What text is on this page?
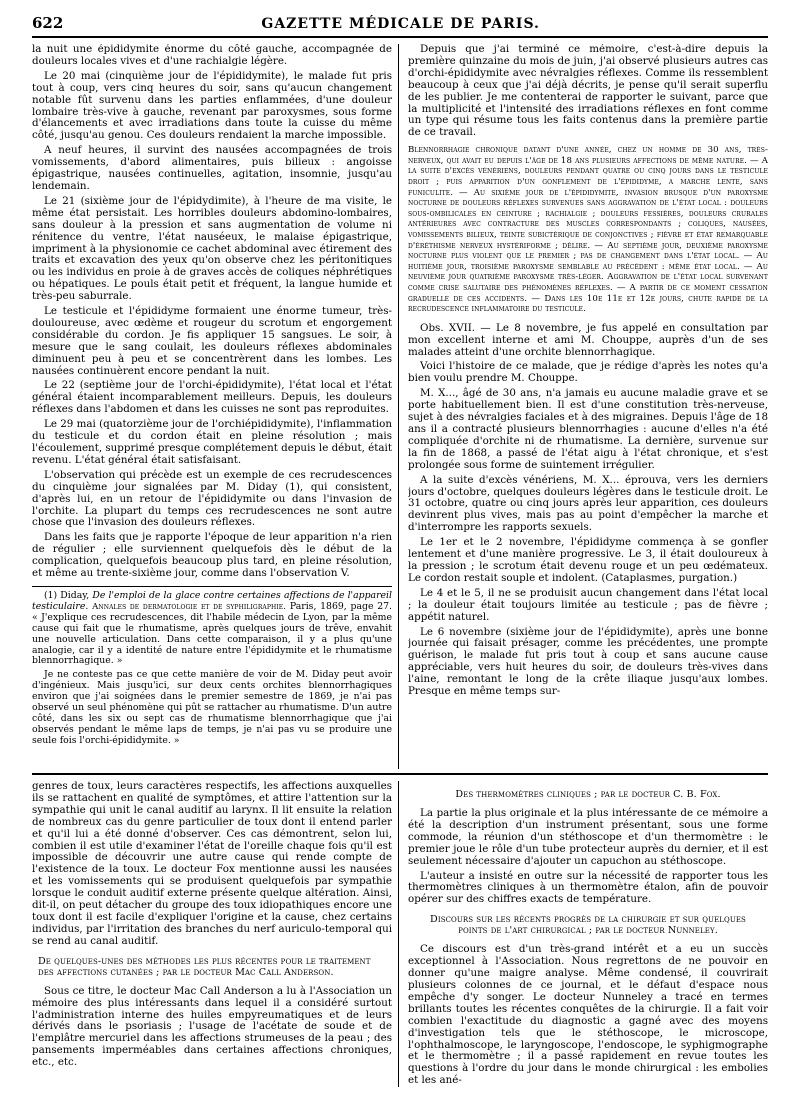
622	GAZETTE MÉDICALE DE PARIS.

la nuit une épididymite énorme du côté gauche, accompagnée de douleurs locales vives et d'une rachialgie légère.

Le 20 mai (cinquième jour de l'épididymite), le malade fut pris tout à coup, vers cinq heures du soir, sans qu'aucun changement notable fût survenu dans les parties enflammées, d'une douleur lombaire très-vive à gauche, revenant par paroxysmes, sous forme d'élancements et avec irradiations dans toute la cuisse du même côté, jusqu'au genou. Ces douleurs rendaient la marche impossible.

A neuf heures, il survint des nausées accompagnées de trois vomissements, d'abord alimentaires, puis bilieux : angoisse épigastrique, nausées continuelles, agitation, insomnie, jusqu'au lendemain.

Le 21 (sixième jour de l'épidydimite), à l'heure de ma visite, le même état persistait. Les horribles douleurs abdomino-lombaires, sans douleur à la pression et sans augmentation de volume ni rénitence du ventre, l'état nauséeux, le malaise épigastrique, impriment à la physionomie ce cachet abdominal avec étirement des traits et excavation des yeux qu'on observe chez les péritonitiques ou les individus en proie à de graves accès de coliques néphrétiques ou hépatiques. Le pouls était petit et fréquent, la langue humide et très-peu saburrale.

Le testicule et l'épididyme formaient une énorme tumeur, très-douloureuse, avec œdème et rougeur du scrotum et engorgement considérable du cordon. Je fis appliquer 15 sangsues. Le soir, à mesure que le sang coulait, les douleurs réflexes abdominales diminuent peu à peu et se concentrèrent dans les lombes. Les nausées continuèrent encore pendant la nuit.

Le 22 (septième jour de l'orchi-épididymite), l'état local et l'état général étaient incomparablement meilleurs. Depuis, les douleurs réflexes dans l'abdomen et dans les cuisses ne sont pas reproduites.

Le 29 mai (quatorzième jour de l'orchiépididymite), l'inflammation du testicule et du cordon était en pleine résolution ; mais l'écoulement, supprimé presque complétement depuis le début, était revenu. L'état général était satisfaisant.

L'observation qui précède est un exemple de ces recrudescences du cinquième jour signalées par M. Diday (1), qui consistent, d'après lui, en un retour de l'épididymite ou dans l'invasion de l'orchite. La plupart du temps ces recrudescences ne sont autre chose que l'invasion des douleurs réflexes.

Dans les faits que je rapporte l'époque de leur apparition n'a rien de régulier ; elle surviennent quelquefois dès le début de la complication, quelquefois beaucoup plus tard, en pleine résolution, et même au trente-sixième jour, comme dans l'observation V.

(1) Diday, De l'emploi de la glace contre certaines affections de l'appareil testiculaire. Annales de dermatologie et de syphiligraphie. Paris, 1869, page 27. « J'explique ces recrudescences, dit l'habile médecin de Lyon, par la même cause qui fait que le rhumatisme, après quelques jours de trêve, envahit une nouvelle articulation. Dans cette comparaison, il y a plus qu'une analogie, car il y a identité de nature entre l'épididymite et le rhumatisme blennorrhagique. »

Je ne conteste pas ce que cette manière de voir de M. Diday peut avoir d'ingénieux. Mais jusqu'ici, sur deux cents orchites blennorrhagiques environ que j'ai soignées dans le premier semestre de 1869, je n'ai pas observé un seul phénomène qui pût se rattacher au rhumatisme. D'un autre côté, dans les six ou sept cas de rhumatisme blennorrhagique que j'ai observés pendant le même laps de temps, je n'ai pas vu se produire une seule fois l'orchi-épididymite. »

Depuis que j'ai terminé ce mémoire, c'est-à-dire depuis la première quinzaine du mois de juin, j'ai observé plusieurs autres cas d'orchi-épididymite avec névralgies réflexes. Comme ils ressemblent beaucoup à ceux que j'ai déjà décrits, je pense qu'il serait superflu de les publier. Je me contenterai de rapporter le suivant, parce que la multiplicité et l'intensité des irradiations réflexes en font comme un type qui résume tous les faits contenus dans la première partie de ce travail.

Blennorrhagie chronique datant d'une année, chez un homme de 30 ans, très-nerveux, qui avait eu depuis l'âge de 18 ans plusieurs affections de même nature. — A la suite d'excès vénériens, douleurs pendant quatre ou cinq jours dans le testicule droit ; puis apparition d'un gonflement de l'épididyme, a marche lente, sans funiculite. — Au sixième jour de l'épididymite, invasion brusque d'un paroxysme nocturne de douleurs réflexes survenues sans aggravation de l'état local : douleurs sous-ombilicales en ceinture ; rachialgie ; douleurs fessières, douleurs crurales antérieures avec contracture des muscles correspondants ; coliques, nausées, vomissements bilieux, teinte subictérique de conjonctives ; fièvre et état remarquable d'éréthisme nerveux hystériforme ; délire. — Au septième jour, deuxième paroxysme nocturne plus violent que le premier ; pas de changement dans l'état local. — Au huitième jour, troisième paroxysme semblable au précédent : même état local. — Au neuvième jour quatrième paroxysme très-léger. Aggravation de l'état local survenant comme crise salutaire des phénomènes réflexes. — A partir de ce moment cessation graduelle de ces accidents. — Dans les 10e 11e et 12e jours, chute rapide de la recrudescence inflammatoire du testicule.

Obs. XVII. — Le 8 novembre, je fus appelé en consultation par mon excellent interne et ami M. Chouppe, auprès d'un de ses malades atteint d'une orchite blennorrhagique.

Voici l'histoire de ce malade, que je rédige d'après les notes qu'a bien voulu prendre M. Chouppe.

M. X..., âgé de 30 ans, n'a jamais eu aucune maladie grave et se porte habituellement bien. Il est d'une constitution très-nerveuse, sujet à des névralgies faciales et à des migraines. Depuis l'âge de 18 ans il a contracté plusieurs blennorrhagies : aucune d'elles n'a été compliquée d'orchite ni de rhumatisme. La dernière, survenue sur la fin de 1868, a passé de l'état aigu à l'état chronique, et s'est prolongée sous forme de suintement irrégulier.

A la suite d'excès vénériens, M. X... éprouva, vers les derniers jours d'octobre, quelques douleurs légères dans le testicule droit. Le 31 octobre, quatre ou cinq jours après leur apparition, ces douleurs devinrent plus vives, mais pas au point d'empêcher la marche et d'interrompre les rapports sexuels.

Le 1er et le 2 novembre, l'épididyme commença à se gonfler lentement et d'une manière progressive. Le 3, il était douloureux à la pression ; le scrotum était devenu rouge et un peu œdémateux. Le cordon restait souple et indolent. (Cataplasmes, purgation.)

Le 4 et le 5, il ne se produisit aucun changement dans l'état local ; la douleur était toujours limitée au testicule ; pas de fièvre ; appétit naturel.

Le 6 novembre (sixième jour de l'épididymite), après une bonne journée qui faisait présager, comme les précédentes, une prompte guérison, le malade fut pris tout à coup et sans aucune cause appréciable, vers huit heures du soir, de douleurs très-vives dans l'aine, remontant le long de la crête iliaque jusqu'aux lombes. Presque en même temps sur-

genres de toux, leurs caractères respectifs, les affections auxquelles ils se rattachent en qualité de symptômes, et attire l'attention sur la sympathie qui unit le canal auditif au larynx. Il lit ensuite la relation de nombreux cas du genre particulier de toux dont il entend parler et qu'il lui a été donné d'observer. Ces cas démontrent, selon lui, combien il est utile d'examiner l'état de l'oreille chaque fois qu'il est impossible de découvrir une autre cause qui rende compte de l'existence de la toux. Le docteur Fox mentionne aussi les nausées et les vomissements qui se produisent quelquefois par sympathie lorsque le conduit auditif externe présente quelque altération. Ainsi, dit-il, on peut détacher du groupe des toux idiopathiques encore une toux dont il est facile d'expliquer l'origine et la cause, chez certains individus, par l'irritation des branches du nerf auriculo-temporal qui se rend au canal auditif.

De quelques-unes des méthodes les plus récentes pour le traitement des affections cutanées ; par le docteur Mac Call Anderson.

Sous ce titre, le docteur Mac Call Anderson a lu à l'Association un mémoire des plus intéressants dans lequel il a considéré surtout l'administration interne des huiles empyreumatiques et de leurs dérivés dans le psoriasis ; l'usage de l'acétate de soude et de l'emplâtre mercuriel dans les affections strumeuses de la peau ; des pansements imperméables dans certaines affections chroniques, etc., etc.

Des thermomètres cliniques ; par le docteur C. B. Fox.

La partie la plus originale et la plus intéressante de ce mémoire a été la description d'un instrument présentant, sous une forme commode, la réunion d'un stéthoscope et d'un thermomètre : le premier joue le rôle d'un tube protecteur auprès du dernier, et il est seulement nécessaire d'ajouter un capuchon au stéthoscope.

L'auteur a insisté en outre sur la nécessité de rapporter tous les thermomètres cliniques à un thermomètre étalon, afin de pouvoir opérer sur des chiffres exacts de température.

Discours sur les récents progrès de la chirurgie et sur quelques points de l'art chirurgical ; par le docteur Nunneley.

Ce discours est d'un très-grand intérêt et a eu un succès exceptionnel à l'Association. Nous regrettons de ne pouvoir en donner qu'une maigre analyse. Même condensé, il couvrirait plusieurs colonnes de ce journal, et le défaut d'espace nous empêche d'y songer. Le docteur Nunneley a tracé en termes brillants toutes les récentes conquêtes de la chirurgie. Il a fait voir combien l'exactitude du diagnostic a gagné avec des moyens d'investigation tels que le stéthoscope, le microscope, l'ophthalmoscope, le laryngoscope, l'endoscope, le syphigmographe et le thermomètre ; il a passé rapidement en revue toutes les questions à l'ordre du jour dans le monde chirurgical : les embolies et les ané-
